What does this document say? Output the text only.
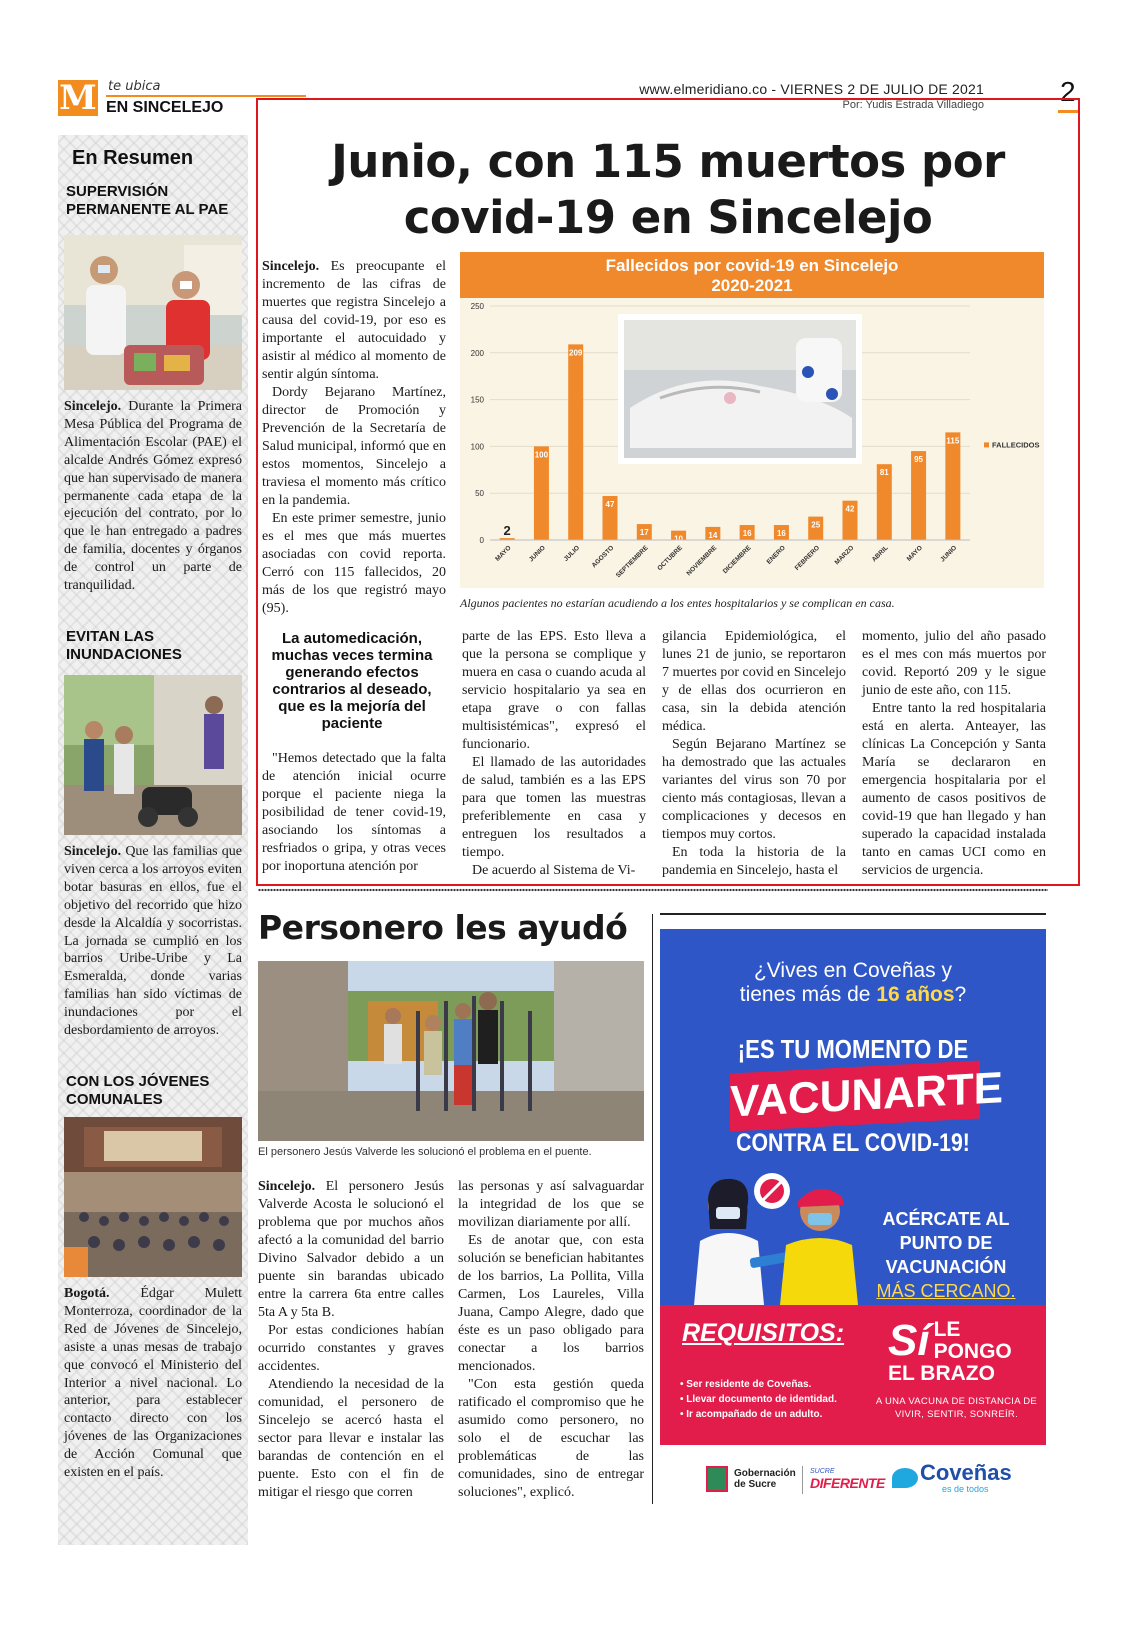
M te ubica
EN SINCELEJO
www.elmeridiano.co - VIERNES 2 DE JULIO DE 2021
Por: Yudis Estrada Villadiego	2
En Resumen
SUPERVISIÓN PERMANENTE AL PAE
Sincelejo. Durante la Primera Mesa Pública del Programa de Alimentación Escolar (PAE) el alcalde Andrés Gómez expresó que han supervisado de manera permanente cada etapa de la ejecución del contrato, por lo que le han entregado a padres de familia, docentes y órganos de control un parte de tranquilidad.
EVITAN LAS INUNDACIONES
Sincelejo. Que las familias que viven cerca a los arroyos eviten botar basuras en ellos, fue el objetivo del recorrido que hizo desde la Alcaldía y socorristas. La jornada se cumplió en los barrios Uribe-Uribe y La Esmeralda, donde varias familias han sido víctimas de inundaciones por el desbordamiento de arroyos.
CON LOS JÓVENES COMUNALES
Bogotá. Édgar Mulett Monterroza, coordinador de la Red de Jóvenes de Sincelejo, asiste a unas mesas de trabajo que convocó el Ministerio del Interior a nivel nacional. Lo anterior, para establecer contacto directo con los jóvenes de las Organizaciones de Acción Comunal que existen en el país.
Junio, con 115 muertos por covid-19 en Sincelejo

Sincelejo. Es preocupante el incremento de las cifras de muertes que registra Sincelejo a causa del covid-19, por eso es importante el autocuidado y asistir al médico al momento de sentir algún síntoma.

Dordy Bejarano Martínez, director de Promoción y Prevención de la Secretaría de Salud municipal, informó que en estos momentos, Sincelejo a traviesa el momento más crítico en la pandemia.

En este primer semestre, junio es el mes que más muertes asociadas con covid reporta. Cerró con 115 fallecidos, 20 más de los que registró mayo (95).

Fallecidos por covid-19 en Sincelejo
2020-2021
0
50
100
150
200
250
2
MAYO
100
JUNIO
209
JULIO
47
AGOSTO
17
SEPTIEMBRE
10
OCTUBRE
14
NOVIEMBRE
16
DICIEMBRE
16
ENERO
25
FEBRERO
42
MARZO
81
ABRIL
95
MAYO
115
JUNIO
FALLECIDOS
Algunos pacientes no estarían acudiendo a los entes hospitalarios y se complican en casa.
La automedicación, muchas veces termina generando efectos contrarios al deseado, que es la mejoría del paciente

"Hemos detectado que la falta de atención inicial ocurre porque el paciente niega la posibilidad de tener covid-19, asociando los síntomas a resfriados o gripa, y otras veces por inoportuna atención por

parte de las EPS. Esto lleva a que la persona se complique y muera en casa o cuando acuda al servicio hospitalario ya sea en etapa grave o con fallas multisistémicas", expresó el funcionario.

El llamado de las autoridades de salud, también es a las EPS para que tomen las muestras preferiblemente en casa y entreguen los resultados a tiempo.

De acuerdo al Sistema de Vi-

gilancia Epidemiológica, el lunes 21 de junio, se reportaron 7 muertes por covid en Sincelejo y de ellas dos ocurrieron en casa, sin la debida atención médica.

Según Bejarano Martínez se ha demostrado que las actuales variantes del virus son 70 por ciento más contagiosas, llevan a complicaciones y decesos en tiempos muy cortos.

En toda la historia de la pandemia en Sincelejo, hasta el

momento, julio del año pasado es el mes con más muertos por covid. Reportó 209 y le sigue junio de este año, con 115.

Entre tanto la red hospitalaria está en alerta. Anteayer, las clínicas La Concepción y Santa María se declararon en emergencia hospitalaria por el aumento de casos positivos de covid-19 que han llegado y han superado la capacidad instalada tanto en camas UCI como en servicios de urgencia.

Personero les ayudó
El personero Jesús Valverde les solucionó el problema en el puente.

Sincelejo. El personero Jesús Valverde Acosta le solucionó el problema que por muchos años afectó a la comunidad del barrio Divino Salvador debido a un puente sin barandas ubicado entre la carrera 6ta entre calles 5ta A y 5ta B.

Por estas condiciones habían ocurrido constantes y graves accidentes.

Atendiendo la necesidad de la comunidad, el personero de Sincelejo se acercó hasta el sector para llevar e instalar las barandas de contención en el puente. Esto con el fin de mitigar el riesgo que corren

las personas y así salvaguardar la integridad de los que se movilizan diariamente por allí.

Es de anotar que, con esta solución se benefician habitantes de los barrios, La Pollita, Villa Carmen, Los Laureles, Villa Juana, Campo Alegre, dado que éste es un paso obligado para conectar a los barrios mencionados.

"Con esta gestión queda ratificado el compromiso que he asumido como personero, no solo el de escuchar las problemáticas de las comunidades, sino de entregar soluciones", explicó.

¿Vives en Coveñas y
tienes más de 16 años?
¡ES TU MOMENTO DE
VACUNARTE
CONTRA EL COVID-19!
ACÉRCATE AL PUNTO DE VACUNACIÓN
MÁS CERCANO.
REQUISITOS:
• Ser residente de Coveñas.
• Llevar documento de identidad.
• Ir acompañado de un adulto.
Sí LE PONGO EL BRAZO
A UNA VACUNA DE DISTANCIA DE VIVIR, SENTIR, SONREÍR.
Gobernación
de Sucre
SUCRE
DIFERENTE Coveñas
es de todos
